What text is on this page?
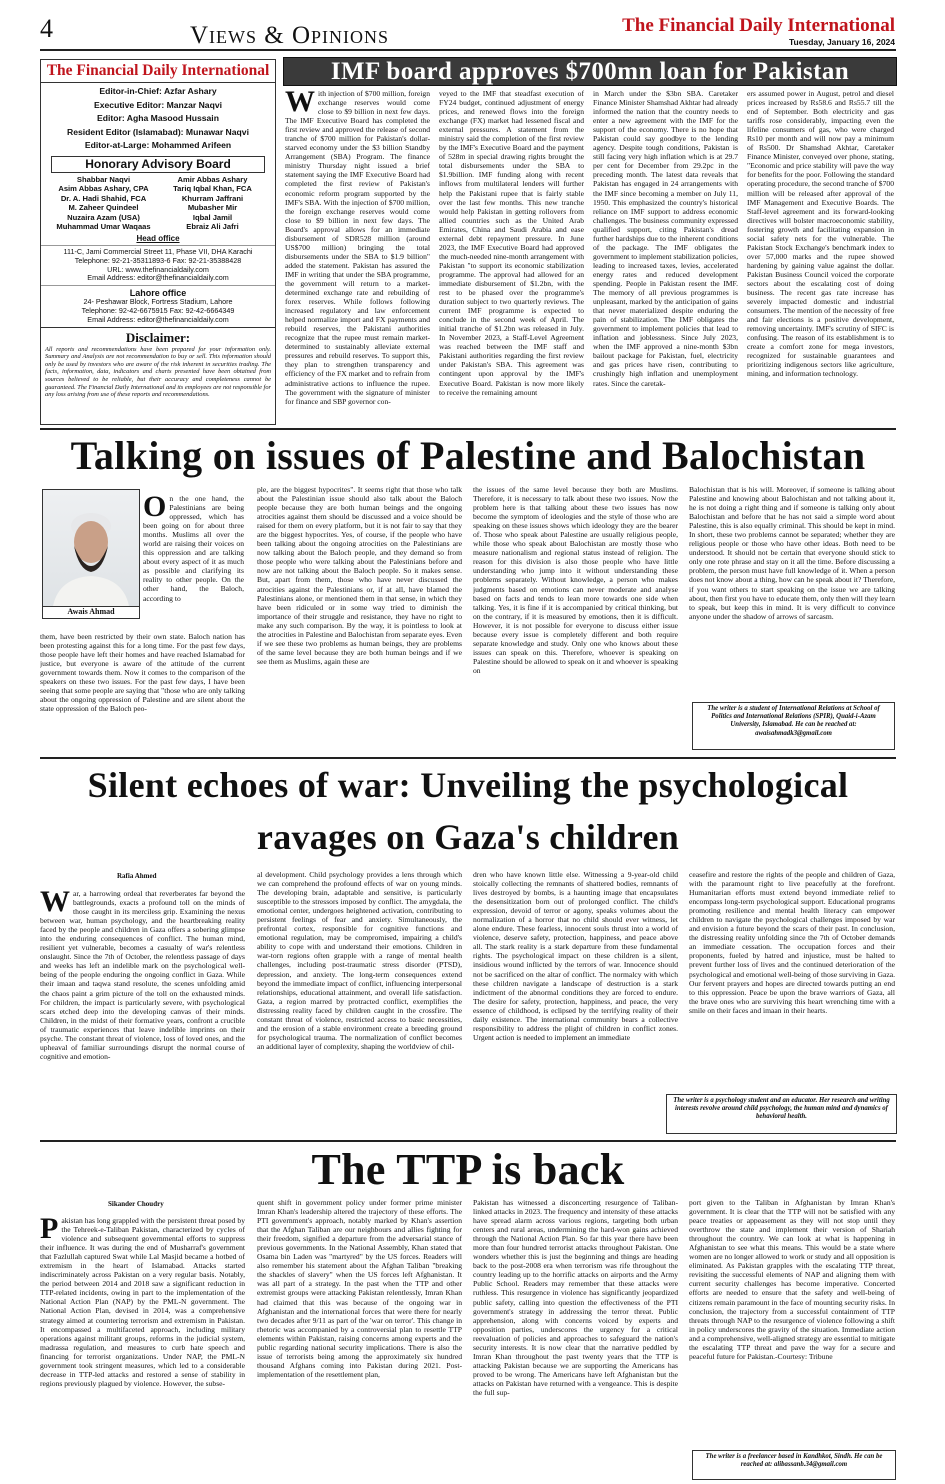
4	Views & Opinions	The Financial Daily International
Tuesday, January 16, 2024
The Financial Daily International
Editor-in-Chief: Azfar Ashary
Executive Editor: Manzar Naqvi
Editor: Agha Masood Hussain
Resident Editor (Islamabad): Munawar Naqvi
Editor-at-Large: Mohammed Arifeen
Honorary Advisory Board
Shabbar Naqvi
Asim Abbas Ashary, CPA
Dr. A. Hadi Shahid, FCA
M. Zaheer Quindeel
Nuzaira Azam (USA)
Muhammad Umar Waqaas
Amir Abbas Ashary
Tariq Iqbal Khan, FCA
Khurram Jaffrani
Mubasher Mir
Iqbal Jamil
Ebraiz Ali Jafri
Head office
111-C, Jami Commercial Street 11, Phase VII, DHA Karachi
Telephone: 92-21-35311893-6 Fax: 92-21-35388428
URL: www.thefinancialdaily.com
Email Address: editor@thefinancialdaily.com
Lahore office
24- Peshawar Block, Fortress Stadium, Lahore
Telephone: 92-42-6675915 Fax: 92-42-6664349
Email Address: editor@thefinancialdaily.com
Disclaimer:
All reports and recommendations have been prepared for your information only. Summary and Analysis are not recommendation to buy or sell. This information should only be used by investors who are aware of the risk inherent in securities trading. The facts, information, data, indicators and charts presented have been obtained from sources believed to be reliable, but their accuracy and completeness cannot be guaranteed. The Financial Daily International and its employees are not responsible for any loss arising from use of these reports and recommendations.
IMF board approves $700mn loan for Pakistan
With injection of $700 million, foreign exchange reserves would come close to $9 billion in next few days. The IMF Executive Board has completed the first review and approved the release of second tranche of $700 million for Pakistan's dollar-starved economy under the $3 billion Standby Arrangement (SBA) Program. The finance ministry Thursday night issued a brief statement saying the IMF Executive Board had completed the first review of Pakistan's economic reform program supported by the IMF's SBA. With the injection of $700 million, the foreign exchange reserves would come close to $9 billion in next few days. The Board's approval allows for an immediate disbursement of SDR528 million (around US$700 million) bringing the total disbursements under the SBA to $1.9 billion" added the statement. Pakistan has assured the IMF in writing that under the SBA programme, the government will return to a market-determined exchange rate and rebuilding of forex reserves. While follows following increased regulatory and law enforcement helped normalize import and FX payments and rebuild reserves, the Pakistani authorities recognize that the rupee must remain market-determined to sustainably alleviate external pressures and rebuild reserves. To support this, they plan to strengthen transparency and efficiency of the FX market and to refrain from administrative actions to influence the rupee. The government with the signature of minister for finance and SBP governor con-
veyed to the IMF that steadfast execution of FY24 budget, continued adjustment of energy prices, and renewed flows into the foreign exchange (FX) market had lessened fiscal and external pressures. A statement from the ministry said the completion of the first review by the IMF's Executive Board and the payment of 528m in special drawing rights brought the total disbursements under the SBA to $1.9billion. IMF funding along with recent inflows from multilateral lenders will further help the Pakistani rupee that is fairly stable over the last few months. This new tranche would help Pakistan in getting rollovers from allied countries such as the United Arab Emirates, China and Saudi Arabia and ease external debt repayment pressure. In June 2023, the IMF Executive Board had approved the much-needed nine-month arrangement with Pakistan "to support its economic stabilization programme. The approval had allowed for an immediate disbursement of $1.2bn, with the rest to be phased over the programme's duration subject to two quarterly reviews. The current IMF programme is expected to conclude in the second week of April. The initial tranche of $1.2bn was released in July. In November 2023, a Staff-Level Agreement was reached between the IMF staff and Pakistani authorities regarding the first review under Pakistan's SBA. This agreement was contingent upon approval by the IMF's Executive Board. Pakistan is now more likely to receive the remaining amount
in March under the $3bn SBA. Caretaker Finance Minister Shamshad Akhtar had already informed the nation that the country needs to enter a new agreement with the IMF for the support of the economy. There is no hope that Pakistan could say goodbye to the lending agency. Despite tough conditions, Pakistan is still facing very high inflation which is at 29.7 per cent for December from 29.2pc in the preceding month. The latest data reveals that Pakistan has engaged in 24 arrangements with the IMF since becoming a member on July 11, 1950. This emphasized the country's historical reliance on IMF support to address economic challenges. The business community expressed qualified support, citing Pakistan's dread further hardships due to the inherent conditions of the package. The IMF obligates the government to implement stabilization policies, leading to increased taxes, levies, accelerated energy rates and reduced development spending. People in Pakistan resent the IMF. The memory of all previous programmes is unpleasant, marked by the anticipation of gains that never materialized despite enduring the pain of stabilization. The IMF obligates the government to implement policies that lead to inflation and joblessness. Since July 2023, when the IMF approved a nine-month $3bn bailout package for Pakistan, fuel, electricity and gas prices have risen, contributing to crushingly high inflation and unemployment rates. Since the caretak-
ers assumed power in August, petrol and diesel prices increased by Rs58.6 and Rs55.7 till the end of September. Both electricity and gas tariffs rose considerably, impacting even the lifeline consumers of gas, who were charged Rs10 per month and will now pay a minimum of Rs500. Dr Shamshad Akhtar, Caretaker Finance Minister, conveyed over phone, stating, "Economic and price stability will pave the way for benefits for the poor. Following the standard operating procedure, the second tranche of $700 million will be released after approval of the IMF Management and Executive Boards. The Staff-level agreement and its forward-looking directives will bolster macroeconomic stability, fostering growth and facilitating expansion in social safety nets for the vulnerable. The Pakistan Stock Exchange's benchmark index to over 57,000 marks and the rupee showed hardening by gaining value against the dollar. Pakistan Business Council voiced the corporate sectors about the escalating cost of doing business. The recent gas rate increase has severely impacted domestic and industrial consumers. The mention of the necessity of free and fair elections is a positive development, removing uncertainty. IMF's scrutiny of SIFC is confusing. The reason of its establishment is to create a comfort zone for mega investors, recognized for sustainable guarantees and prioritizing indigenous sectors like agriculture, mining, and information technology.
Talking on issues of Palestine and Balochistan
Awais Ahmad
On the one hand, the Palestinians are being oppressed, which has been going on for about three months. Muslims all over the world are raising their voices on this oppression and are talking about every aspect of it as much as possible and clarifying its reality to other people. On the other hand, the Baloch, according to
them, have been restricted by their own state. Baloch nation has been protesting against this for a long time. For the past few days, those people have left their homes and have reached Islamabad for justice, but everyone is aware of the attitude of the current government towards them. Now it comes to the comparison of the speakers on these two issues. For the past few days, I have been seeing that some people are saying that "those who are only talking about the ongoing oppression of Palestine and are silent about the state oppression of the Baloch peo-
ple, are the biggest hypocrites". It seems right that those who talk about the Palestinian issue should also talk about the Baloch people because they are both human beings and the ongoing atrocities against them should be discussed and a voice should be raised for them on every platform, but it is not fair to say that they are the biggest hypocrites. Yes, of course, if the people who have been talking about the ongoing atrocities on the Palestinians are now talking about the Baloch people, and they demand so from those people who were talking about the Palestinians before and now are not talking about the Baloch people. So it makes sense. But, apart from them, those who have never discussed the atrocities against the Palestinians or, if at all, have blamed the Palestinians alone, or mentioned them in that sense, in which they have been ridiculed or in some way tried to diminish the importance of their struggle and resistance, they have no right to make any such comparison. By the way, it is pointless to look at the atrocities in Palestine and Balochistan from separate eyes. Even if we see these two problems as human beings, they are problems of the same level because they are both human beings and if we see them as Muslims, again these are
the issues of the same level because they both are Muslims. Therefore, it is necessary to talk about these two issues. Now the problem here is that talking about these two issues has now become the symptom of ideologies and the style of those who are speaking on these issues shows which ideology they are the bearer of. Those who speak about Palestine are usually religious people, while those who speak about Balochistan are mostly those who measure nationalism and regional status instead of religion. The reason for this division is also those people who have little understanding who jump into it without understanding these problems separately. Without knowledge, a person who makes judgments based on emotions can never moderate and analyse based on facts and tends to lean more towards one side when talking. Yes, it is fine if it is accompanied by critical thinking, but on the contrary, if it is measured by emotions, then it is difficult. However, it is not possible for everyone to discuss either issue because every issue is completely different and both require separate knowledge and study. Only one who knows about these issues can speak on this. Therefore, whoever is speaking on Palestine should be allowed to speak on it and whoever is speaking on
Balochistan that is his will. Moreover, if someone is talking about Palestine and knowing about Balochistan and not talking about it, he is not doing a right thing and if someone is talking only about Balochistan and before that he has not said a simple word about Palestine, this is also equally criminal. This should be kept in mind. In short, these two problems cannot be separated; whether they are religious people or those who have other ideas. Both need to be understood. It should not be certain that everyone should stick to only one rote phrase and stay on it all the time. Before discussing a problem, the person must have full knowledge of it. When a person does not know about a thing, how can he speak about it? Therefore, if you want others to start speaking on the issue we are talking about, then first you have to educate them, only then will they learn to speak, but keep this in mind. It is very difficult to convince anyone under the shadow of arrows of sarcasm.
The writer is a student of International Relations at School of Politics and International Relations (SPIR), Quaid-i-Azam University, Islamabad. He can be reached at: awaisahmadk3@gmail.com
Silent echoes of war: Unveiling the psychological
ravages on Gaza's children
Rafia Ahmed
War, a harrowing ordeal that reverberates far beyond the battlegrounds, exacts a profound toll on the minds of those caught in its merciless grip. Examining the nexus between war, human psychology, and the heartbreaking reality faced by the people and children in Gaza offers a sobering glimpse into the enduring consequences of conflict. The human mind, resilient yet vulnerable, becomes a casualty of war's relentless onslaught. Since the 7th of October, the relentless passage of days and weeks has left an indelible mark on the psychological well-being of the people enduring the ongoing conflict in Gaza. While their imaan and taqwa stand resolute, the scenes unfolding amid the chaos paint a grim picture of the toll on the exhausted minds. For children, the impact is particularly severe, with psychological scars etched deep into the developing canvas of their minds. Children, in the midst of their formative years, confront a crucible of traumatic experiences that leave indelible imprints on their psyche. The constant threat of violence, loss of loved ones, and the upheaval of familiar surroundings disrupt the normal course of cognitive and emotion-
al development. Child psychology provides a lens through which we can comprehend the profound effects of war on young minds. The developing brain, adaptable and sensitive, is particularly susceptible to the stressors imposed by conflict. The amygdala, the emotional center, undergoes heightened activation, contributing to persistent feelings of fear and anxiety. Simultaneously, the prefrontal cortex, responsible for cognitive functions and emotional regulation, may be compromised, impairing a child's ability to cope with and understand their emotions. Children in war-torn regions often grapple with a range of mental health challenges, including post-traumatic stress disorder (PTSD), depression, and anxiety. The long-term consequences extend beyond the immediate impact of conflict, influencing interpersonal relationships, educational attainment, and overall life satisfaction. Gaza, a region marred by protracted conflict, exemplifies the distressing reality faced by children caught in the crossfire. The constant threat of violence, restricted access to basic necessities, and the erosion of a stable environment create a breeding ground for psychological trauma. The normalization of conflict becomes an additional layer of complexity, shaping the worldview of chil-
dren who have known little else. Witnessing a 9-year-old child stoically collecting the remnants of shattered bodies, remnants of lives destroyed by bombs, is a haunting image that encapsulates the desensitization born out of prolonged conflict. The child's expression, devoid of terror or agony, speaks volumes about the normalization of a horror that no child should ever witness, let alone endure. These fearless, innocent souls thrust into a world of violence, deserve safety, protection, happiness, and peace above all. The stark reality is a stark departure from these fundamental rights. The psychological impact on these children is a silent, insidious wound inflicted by the terrors of war. Innocence should not be sacrificed on the altar of conflict. The normalcy with which these children navigate a landscape of destruction is a stark indictment of the abnormal conditions they are forced to endure. The desire for safety, protection, happiness, and peace, the very essence of childhood, is eclipsed by the terrifying reality of their daily existence. The international community bears a collective responsibility to address the plight of children in conflict zones. Urgent action is needed to implement an immediate
ceasefire and restore the rights of the people and children of Gaza, with the paramount right to live peacefully at the forefront. Humanitarian efforts must extend beyond immediate relief to encompass long-term psychological support. Educational programs promoting resilience and mental health literacy can empower children to navigate the psychological challenges imposed by war and envision a future beyond the scars of their past. In conclusion, the distressing reality unfolding since the 7th of October demands an immediate cessation. The occupation forces and their proponents, fueled by hatred and injustice, must be halted to prevent further loss of lives and the continued deterioration of the psychological and emotional well-being of those surviving in Gaza. Our fervent prayers and hopes are directed towards putting an end to this oppression. Peace be upon the brave warriors of Gaza, all the brave ones who are surviving this heart wrenching time with a smile on their faces and imaan in their hearts.
The writer is a psychology student and an educator. Her research and writing interests revolve around child psychology, the human mind and dynamics of behavioral health.
The TTP is back
Sikander Choudry
Pakistan has long grappled with the persistent threat posed by the Tehreek-e-Taliban Pakistan, characterized by cycles of violence and subsequent governmental efforts to suppress their influence. It was during the end of Musharraf's government that Fazlullah captured Swat while Lal Masjid became a hotbed of extremism in the heart of Islamabad. Attacks started indiscriminately across Pakistan on a very regular basis. Notably, the period between 2014 and 2018 saw a significant reduction in TTP-related incidents, owing in part to the implementation of the National Action Plan (NAP) by the PML-N government. The National Action Plan, devised in 2014, was a comprehensive strategy aimed at countering terrorism and extremism in Pakistan. It encompassed a multifaceted approach, including military operations against militant groups, reforms in the judicial system, madrassa regulation, and measures to curb hate speech and financing for terrorist organizations. Under NAP, the PML-N government took stringent measures, which led to a considerable decrease in TTP-led attacks and restored a sense of stability in regions previously plagued by violence. However, the subse-
quent shift in government policy under former prime minister Imran Khan's leadership altered the trajectory of these efforts. The PTI government's approach, notably marked by Khan's assertion that the Afghan Taliban are our neighbours and allies fighting for their freedom, signified a departure from the adversarial stance of previous governments. In the National Assembly, Khan stated that Osama bin Laden was "martyred" by the US forces. Readers will also remember his statement about the Afghan Taliban "breaking the shackles of slavery" when the US forces left Afghanistan. It was all part of a strategy. In the past when the TTP and other extremist groups were attacking Pakistan relentlessly, Imran Khan had claimed that this was because of the ongoing war in Afghanistan and the international forces that were there for nearly two decades after 9/11 as part of the 'war on terror'. This change in rhetoric was accompanied by a controversial plan to resettle TTP elements within Pakistan, raising concerns among experts and the public regarding national security implications. There is also the issue of terrorists being among the approximately six hundred thousand Afghans coming into Pakistan during 2021. Post-implementation of the resettlement plan,
Pakistan has witnessed a disconcerting resurgence of Taliban-linked attacks in 2023. The frequency and intensity of these attacks have spread alarm across various regions, targeting both urban centers and rural areas, undermining the hard-won gains achieved through the National Action Plan. So far this year there have been more than four hundred terrorist attacks throughout Pakistan. One wonders whether this is just the beginning and things are heading back to the post-2008 era when terrorism was rife throughout the country leading up to the horrific attacks on airports and the Army Public School. Readers may remember that these attacks were ruthless. This resurgence in violence has significantly jeopardized public safety, calling into question the effectiveness of the PTI government's strategy in addressing the terror threat. Public apprehension, along with concerns voiced by experts and opposition parties, underscores the urgency for a critical reevaluation of policies and approaches to safeguard the nation's security interests. It is now clear that the narrative peddled by Imran Khan throughout the past twenty years that the TTP is attacking Pakistan because we are supporting the Americans has proved to be wrong. The Americans have left Afghanistan but the attacks on Pakistan have returned with a vengeance. This is despite the full sup-
port given to the Taliban in Afghanistan by Imran Khan's government. It is clear that the TTP will not be satisfied with any peace treaties or appeasement as they will not stop until they overthrow the state and implement their version of Shariah throughout the country. We can look at what is happening in Afghanistan to see what this means. This would be a state where women are no longer allowed to work or study and all opposition is eliminated. As Pakistan grapples with the escalating TTP threat, revisiting the successful elements of NAP and aligning them with current security challenges has become imperative. Concerted efforts are needed to ensure that the safety and well-being of citizens remain paramount in the face of mounting security risks. In conclusion, the trajectory from a successful containment of TTP threats through NAP to the resurgence of violence following a shift in policy underscores the gravity of the situation. Immediate action and a comprehensive, well-aligned strategy are essential to mitigate the escalating TTP threat and pave the way for a secure and peaceful future for Pakistan.-Courtesy: Tribune
The writer is a freelancer based in Kandhkot, Sindh. He can be reached at: alibassanb.34@gmail.com
